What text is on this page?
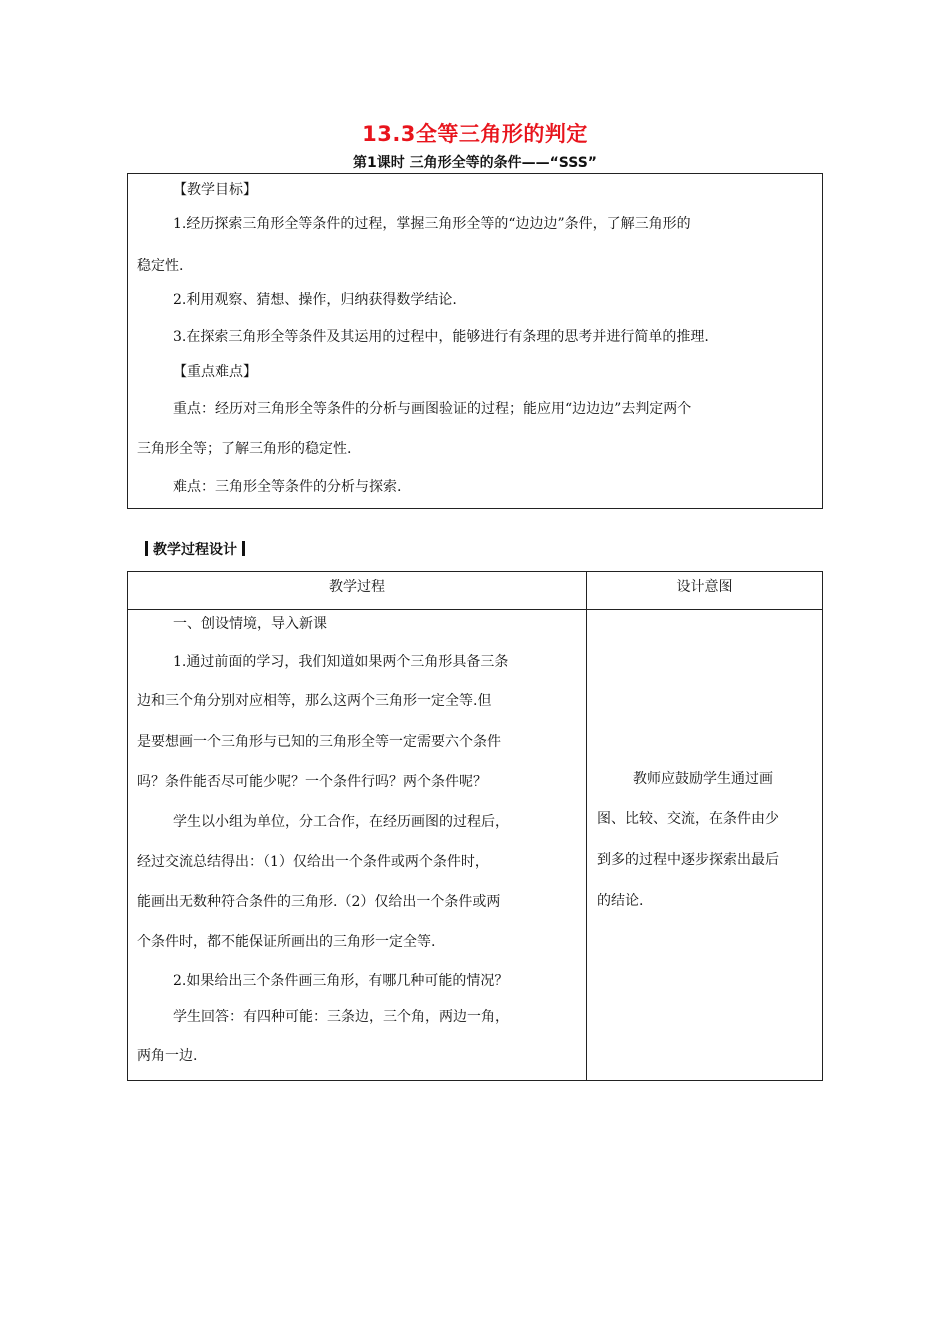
13.3全等三角形的判定
第1课时 三角形全等的条件——“SSS”
【教学目标】
1.经历探索三角形全等条件的过程，掌握三角形全等的“边边边”条件，了解三角形的
稳定性.
2.利用观察、猜想、操作，归纳获得数学结论.
3.在探索三角形全等条件及其运用的过程中，能够进行有条理的思考并进行简单的推理.
【重点难点】
重点：经历对三角形全等条件的分析与画图验证的过程；能应用“边边边”去判定两个
三角形全等；了解三角形的稳定性.
难点：三角形全等条件的分析与探索.
教学过程设计
教学过程	设计意图
一、创设情境，导入新课
1.通过前面的学习，我们知道如果两个三角形具备三条
边和三个角分别对应相等，那么这两个三角形一定全等.但
是要想画一个三角形与已知的三角形全等一定需要六个条件
吗？条件能否尽可能少呢？一个条件行吗？两个条件呢？
学生以小组为单位，分工合作，在经历画图的过程后，
经过交流总结得出：（1）仅给出一个条件或两个条件时，
能画出无数种符合条件的三角形.（2）仅给出一个条件或两
个条件时，都不能保证所画出的三角形一定全等.
2.如果给出三个条件画三角形，有哪几种可能的情况？
学生回答：有四种可能：三条边，三个角，两边一角，
两角一边.
教师应鼓励学生通过画
图、比较、交流，在条件由少
到多的过程中逐步探索出最后
的结论.
